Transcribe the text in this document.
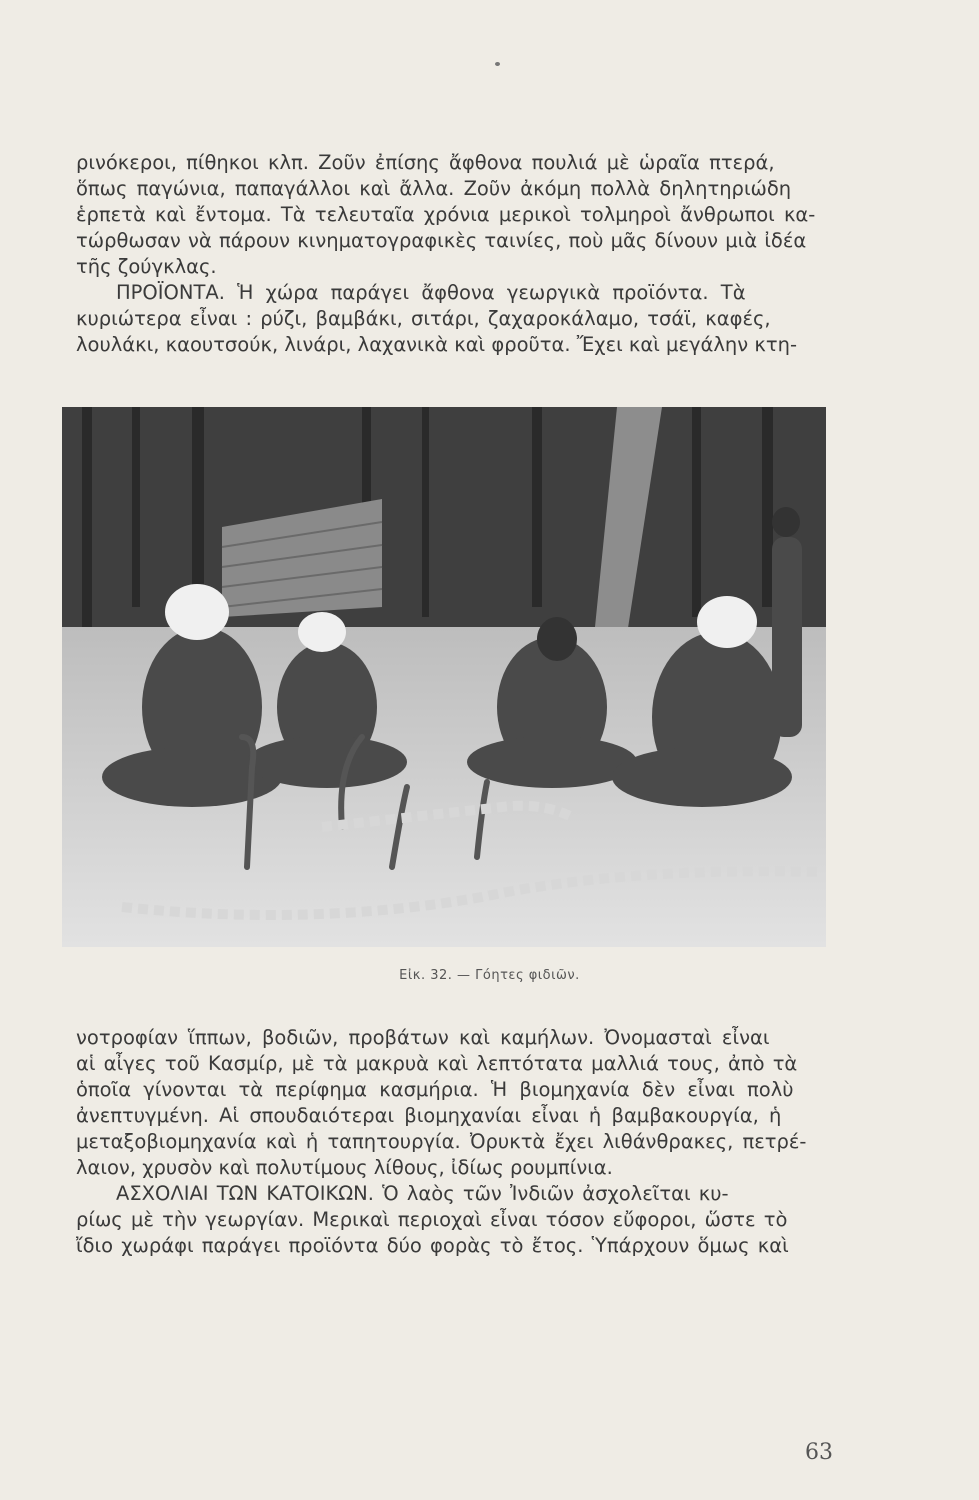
ρινόκεροι, πίθηκοι κλπ. Ζοῦν ἐπίσης ἄφθονα πουλιά μὲ ὡραῖα πτερά,
ὅπως παγώνια, παπαγάλλοι καὶ ἄλλα. Ζοῦν ἀκόμη πολλὰ δηλητηριώδη
ἑρπετὰ καὶ ἔντομα. Τὰ τελευταῖα χρόνια μερικοὶ τολμηροὶ ἄνθρωποι κα-
τώρθωσαν νὰ πάρουν κινηματογραφικὲς ταινίες, ποὺ μᾶς δίνουν μιὰ ἰδέα
τῆς ζούγκλας.
ΠΡΟΪΟΝΤΑ. Ἡ χώρα παράγει ἄφθονα γεωργικὰ προϊόντα. Τὰ
κυριώτερα εἶναι : ρύζι, βαμβάκι, σιτάρι, ζαχαροκάλαμο, τσάϊ, καφές,
λουλάκι, καουτσούκ, λινάρι, λαχανικὰ καὶ φροῦτα. Ἔχει καὶ μεγάλην κτη-
Εἰκ. 32. — Γόητες φιδιῶν.
νοτροφίαν ἵππων, βοδιῶν, προβάτων καὶ καμήλων. Ὀνομασταὶ εἶναι
αἱ αἶγες τοῦ Κασμίρ, μὲ τὰ μακρυὰ καὶ λεπτότατα μαλλιά τους, ἀπὸ τὰ
ὁποῖα γίνονται τὰ περίφημα κασμήρια. Ἡ βιομηχανία δὲν εἶναι πολὺ
ἀνεπτυγμένη. Αἱ σπουδαιότεραι βιομηχανίαι εἶναι ἡ βαμβακουργία, ἡ
μεταξοβιομηχανία καὶ ἡ ταπητουργία. Ὀρυκτὰ ἔχει λιθάνθρακες, πετρέ-
λαιον, χρυσὸν καὶ πολυτίμους λίθους, ἰδίως ρουμπίνια.
ΑΣΧΟΛΙΑΙ ΤΩΝ ΚΑΤΟΙΚΩΝ. Ὁ λαὸς τῶν Ἰνδιῶν ἀσχολεῖται κυ-
ρίως μὲ τὴν γεωργίαν. Μερικαὶ περιοχαὶ εἶναι τόσον εὔφοροι, ὥστε τὸ
ἴδιο χωράφι παράγει προϊόντα δύο φορὰς τὸ ἔτος. Ὑπάρχουν ὅμως καὶ
63
